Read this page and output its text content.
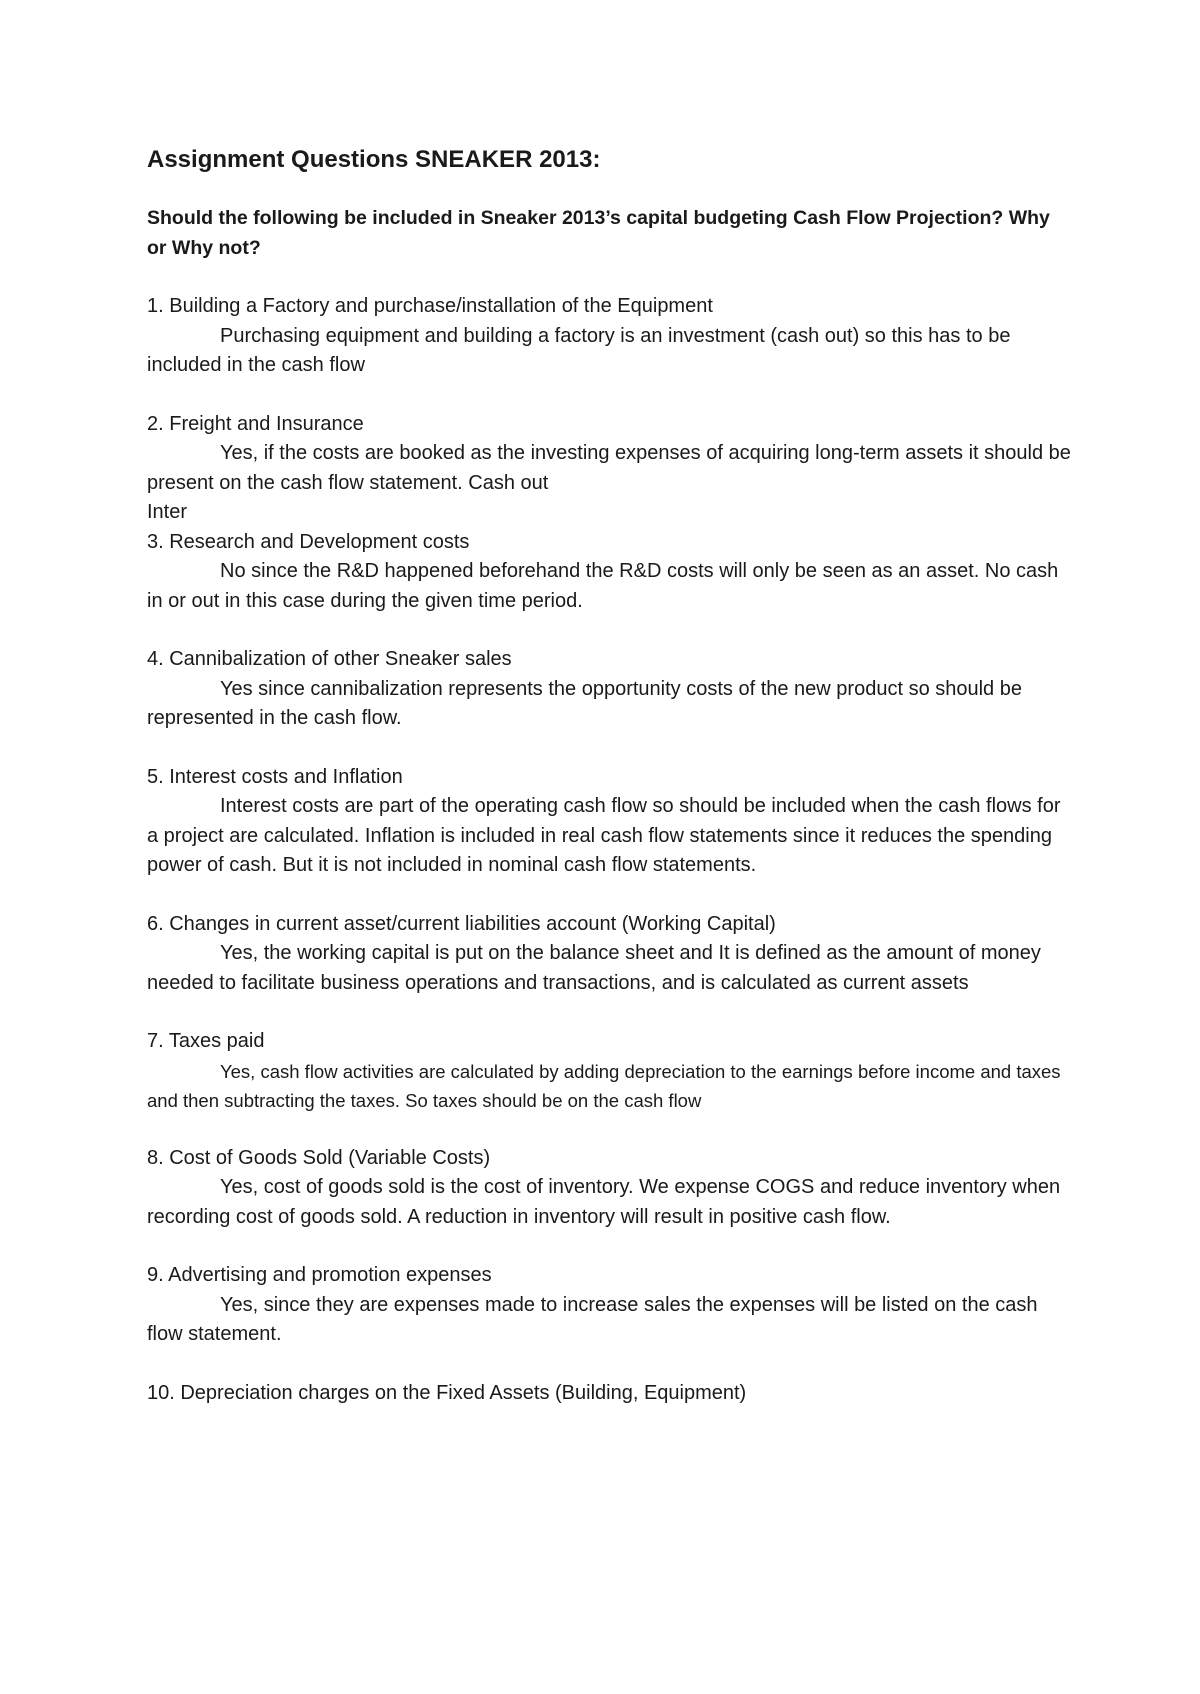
Assignment Questions SNEAKER 2013:
Should the following be included in Sneaker 2013’s capital budgeting Cash Flow Projection? Why or Why not?
1. Building a Factory and purchase/installation of the Equipment
Purchasing equipment and building a factory is an investment (cash out) so this has to be included in the cash flow
2. Freight and Insurance
Yes, if the costs are booked as the investing expenses of acquiring long-term assets it should be present on the cash flow statement. Cash out
Inter
3. Research and Development costs
No since the R&D happened beforehand the R&D costs will only be seen as an asset. No cash in or out in this case during the given time period.
4. Cannibalization of other Sneaker sales
Yes since cannibalization represents the opportunity costs of the new product so should be represented in the cash flow.
5. Interest costs and Inflation
Interest costs are part of the operating cash flow so should be included when the cash flows for a project are calculated. Inflation is included in real cash flow statements since it reduces the spending power of cash. But it is not included in nominal cash flow statements.
6. Changes in current asset/current liabilities account (Working Capital)
Yes, the working capital is put on the balance sheet and It is defined as the amount of money needed to facilitate business operations and transactions, and is calculated as current assets
7. Taxes paid
Yes, cash flow activities are calculated by adding depreciation to the earnings before income and taxes and then subtracting the taxes. So taxes should be on the cash flow
8. Cost of Goods Sold (Variable Costs)
Yes, cost of goods sold is the cost of inventory. We expense COGS and reduce inventory when recording cost of goods sold. A reduction in inventory will result in positive cash flow.
9. Advertising and promotion expenses
Yes, since they are expenses made to increase sales the expenses will be listed on the cash flow statement.
10. Depreciation charges on the Fixed Assets (Building, Equipment)
